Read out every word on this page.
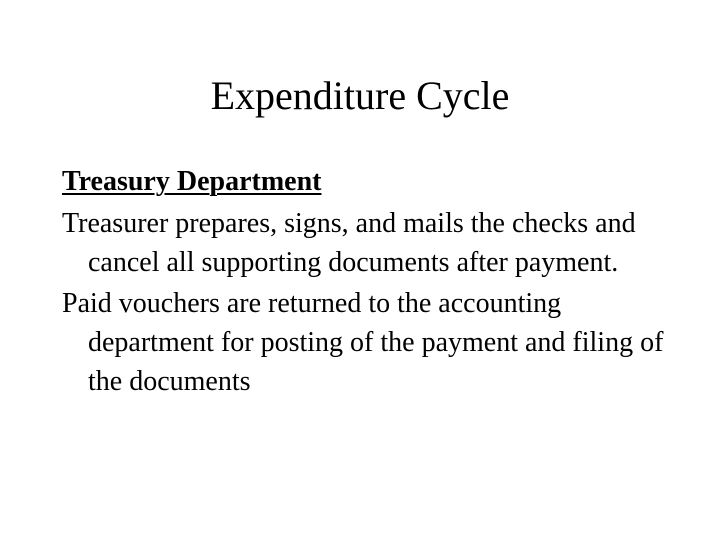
Expenditure Cycle
Treasury Department
Treasurer prepares, signs, and mails the checks and cancel all supporting documents after payment.
Paid vouchers are returned to the accounting department for posting of the payment and filing of the documents
